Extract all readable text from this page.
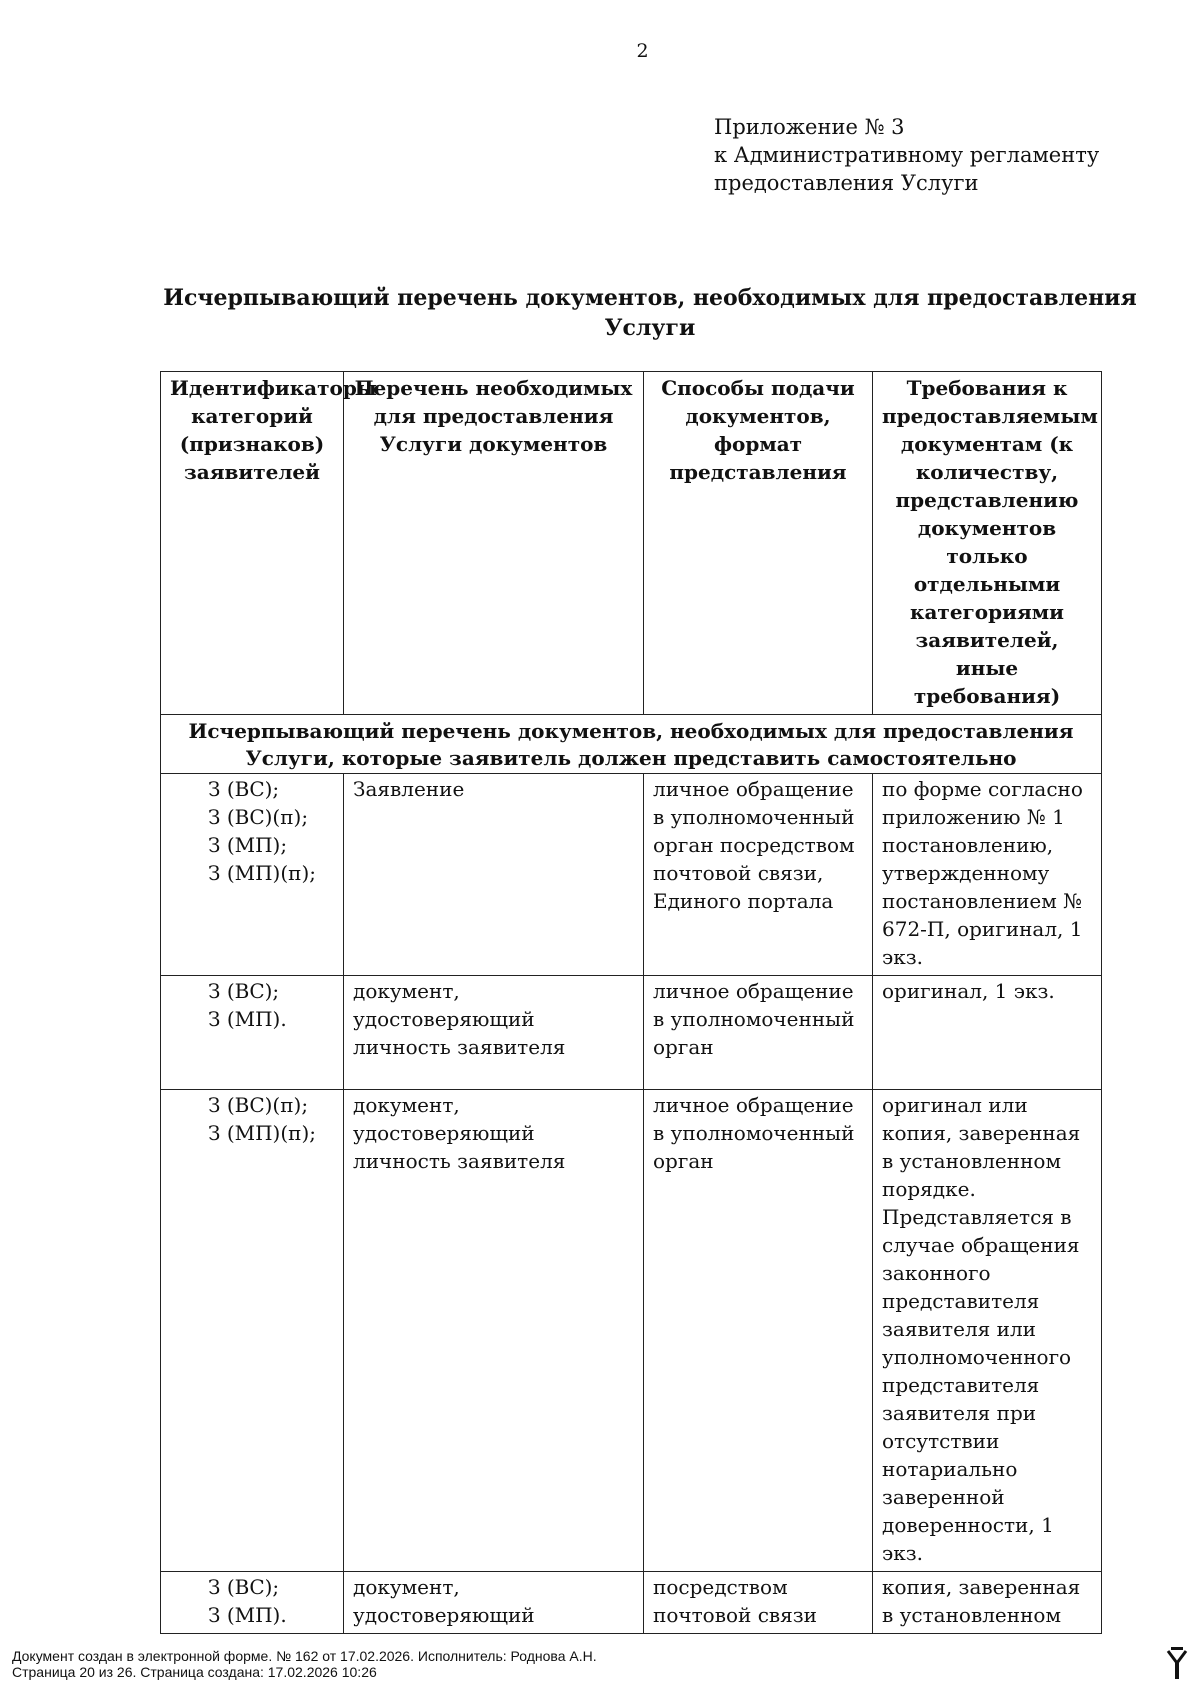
2
Приложение № 3
к Административному регламенту
предоставления Услуги
Исчерпывающий перечень документов, необходимых для предоставления
Услуги
Идентификаторы категорий (признаков) заявителей	Перечень необходимых для предоставления Услуги документов	Способы подачи документов, формат представления	Требования к предоставляемым документам (к количеству, представлению документов только отдельными категориями заявителей, иные требования)
Исчерпывающий перечень документов, необходимых для предоставления Услуги, которые заявитель должен представить самостоятельно			

З (ВС);
З (ВС)(п);
З (МП);
З (МП)(п);	Заявление	личное обращение в уполномоченный орган посредством почтовой связи, Единого портала	по форме согласно приложению № 1 постановлению, утвержденному постановлением № 672-П, оригинал, 1 экз.

З (ВС);
З (МП).	документ, удостоверяющий личность заявителя	личное обращение в уполномоченный орган	оригинал, 1 экз.

З (ВС)(п);
З (МП)(п);	документ, удостоверяющий личность заявителя	личное обращение в уполномоченный орган	оригинал или копия, заверенная в установленном порядке. Представляется в случае обращения законного представителя заявителя или уполномоченного представителя заявителя при отсутствии нотариально заверенной доверенности, 1 экз.

З (ВС);
З (МП).	документ, удостоверяющий	посредством почтовой связи	копия, заверенная в установленном
Документ создан в электронной форме. № 162 от 17.02.2026. Исполнитель: Роднова А.Н.
Страница 20 из 26. Страница создана: 17.02.2026 10:26
